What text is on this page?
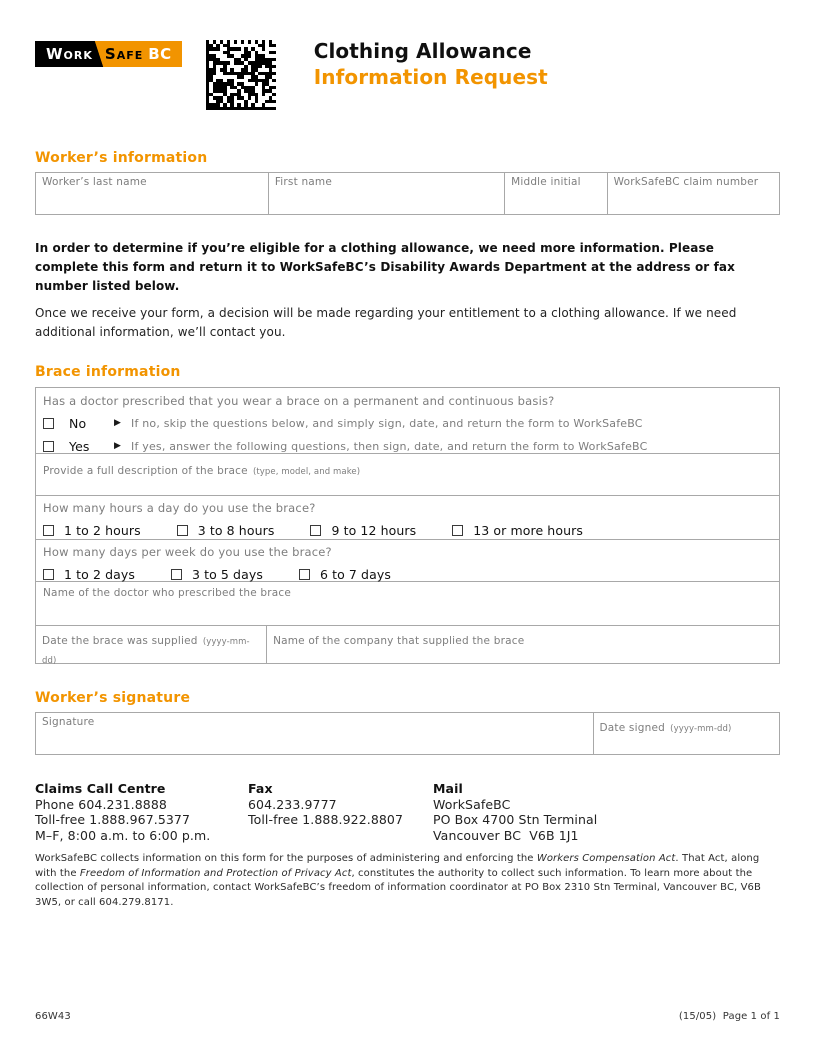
Work Safe BC	Clothing Allowance
Information Request
Worker’s information
Worker’s last name	First name	Middle initial	WorkSafeBC claim number

In order to determine if you’re eligible for a clothing allowance, we need more information. Please complete this form and return it to WorkSafeBC’s Disability Awards Department at the address or fax number listed below.

Once we receive your form, a decision will be made regarding your entitlement to a clothing allowance. If we need additional information, we’ll contact you.

Brace information
Has a doctor prescribed that you wear a brace on a permanent and continuous basis?
No	▶ If no, skip the questions below, and simply sign, date, and return the form to WorkSafeBC
Yes	▶ If yes, answer the following questions, then sign, date, and return the form to WorkSafeBC
Provide a full description of the brace (type, model, and make)
How many hours a day do you use the brace?
1 to 2 hours	3 to 8 hours	9 to 12 hours	13 or more hours
How many days per week do you use the brace?
1 to 2 days	3 to 5 days	6 to 7 days
Name of the doctor who prescribed the brace
Date the brace was supplied (yyyy-mm-dd)
Name of the company that supplied the brace
Worker’s signature
Signature	Date signed (yyyy-mm-dd)
Claims Call Centre
Phone 604.231.8888
Toll-free 1.888.967.5377
M–F, 8:00 a.m. to 6:00 p.m.
Fax
604.233.9777
Toll-free 1.888.922.8807
Mail
WorkSafeBC
PO Box 4700 Stn Terminal
Vancouver BC  V6B 1J1

WorkSafeBC collects information on this form for the purposes of administering and enforcing the Workers Compensation Act. That Act, along with the Freedom of Information and Protection of Privacy Act, constitutes the authority to collect such information. To learn more about the collection of personal information, contact WorkSafeBC’s freedom of information coordinator at PO Box 2310 Stn Terminal, Vancouver BC, V6B 3W5, or call 604.279.8171.

66W43	(15/05)  Page 1 of 1
